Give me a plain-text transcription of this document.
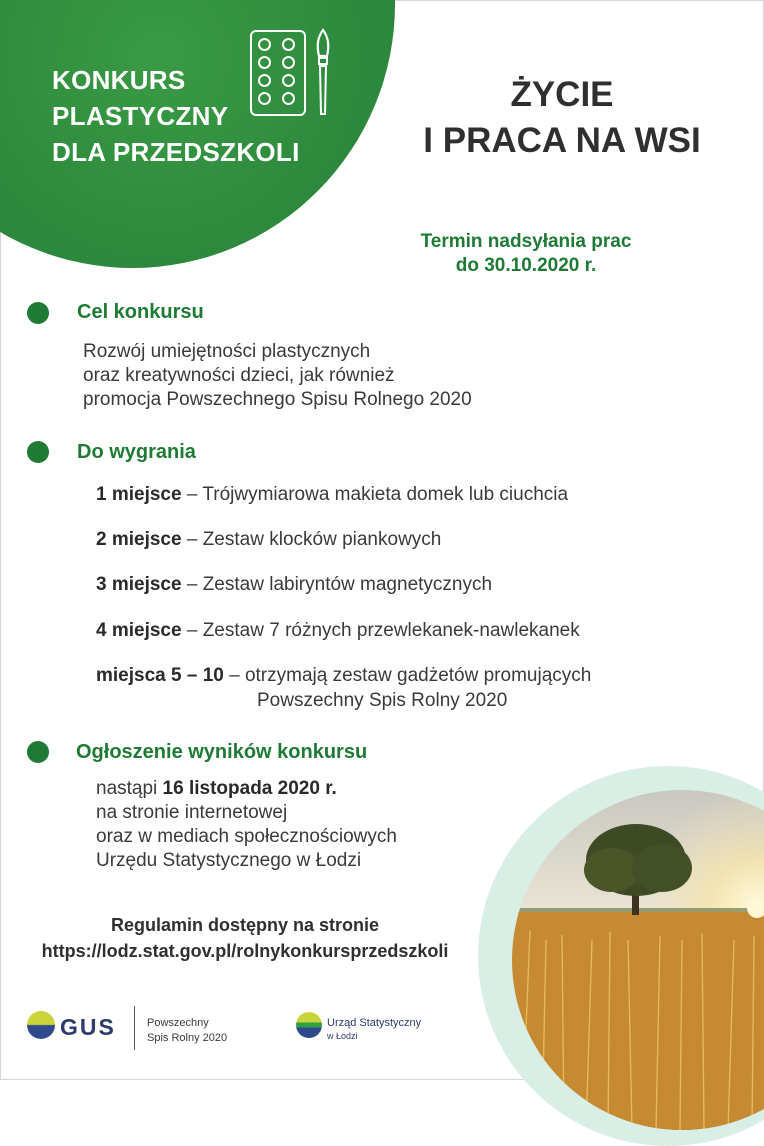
KONKURS
PLASTYCZNY
DLA PRZEDSZKOLI
ŻYCIE
I PRACA NA WSI
Termin nadsyłania prac
do 30.10.2020 r.
Cel konkursu
Rozwój umiejętności plastycznych
oraz kreatywności dzieci, jak również
promocja Powszechnego Spisu Rolnego 2020
Do wygrania
1 miejsce – Trójwymiarowa makieta domek lub ciuchcia
2 miejsce – Zestaw klocków piankowych
3 miejsce – Zestaw labiryntów magnetycznych
4 miejsce – Zestaw 7 różnych przewlekanek-nawlekanek
miejsca 5 – 10 – otrzymają zestaw gadżetów promujących
Powszechny Spis Rolny 2020
Ogłoszenie wyników konkursu
nastąpi 16 listopada 2020 r.
na stronie internetowej
oraz w mediach społecznościowych
Urzędu Statystycznego w Łodzi
Regulamin dostępny na stronie
https://lodz.stat.gov.pl/rolnykonkursprzedszkoli
GUS	Powszechny
Spis Rolny 2020
Urząd Statystyczny
w Łodzi
